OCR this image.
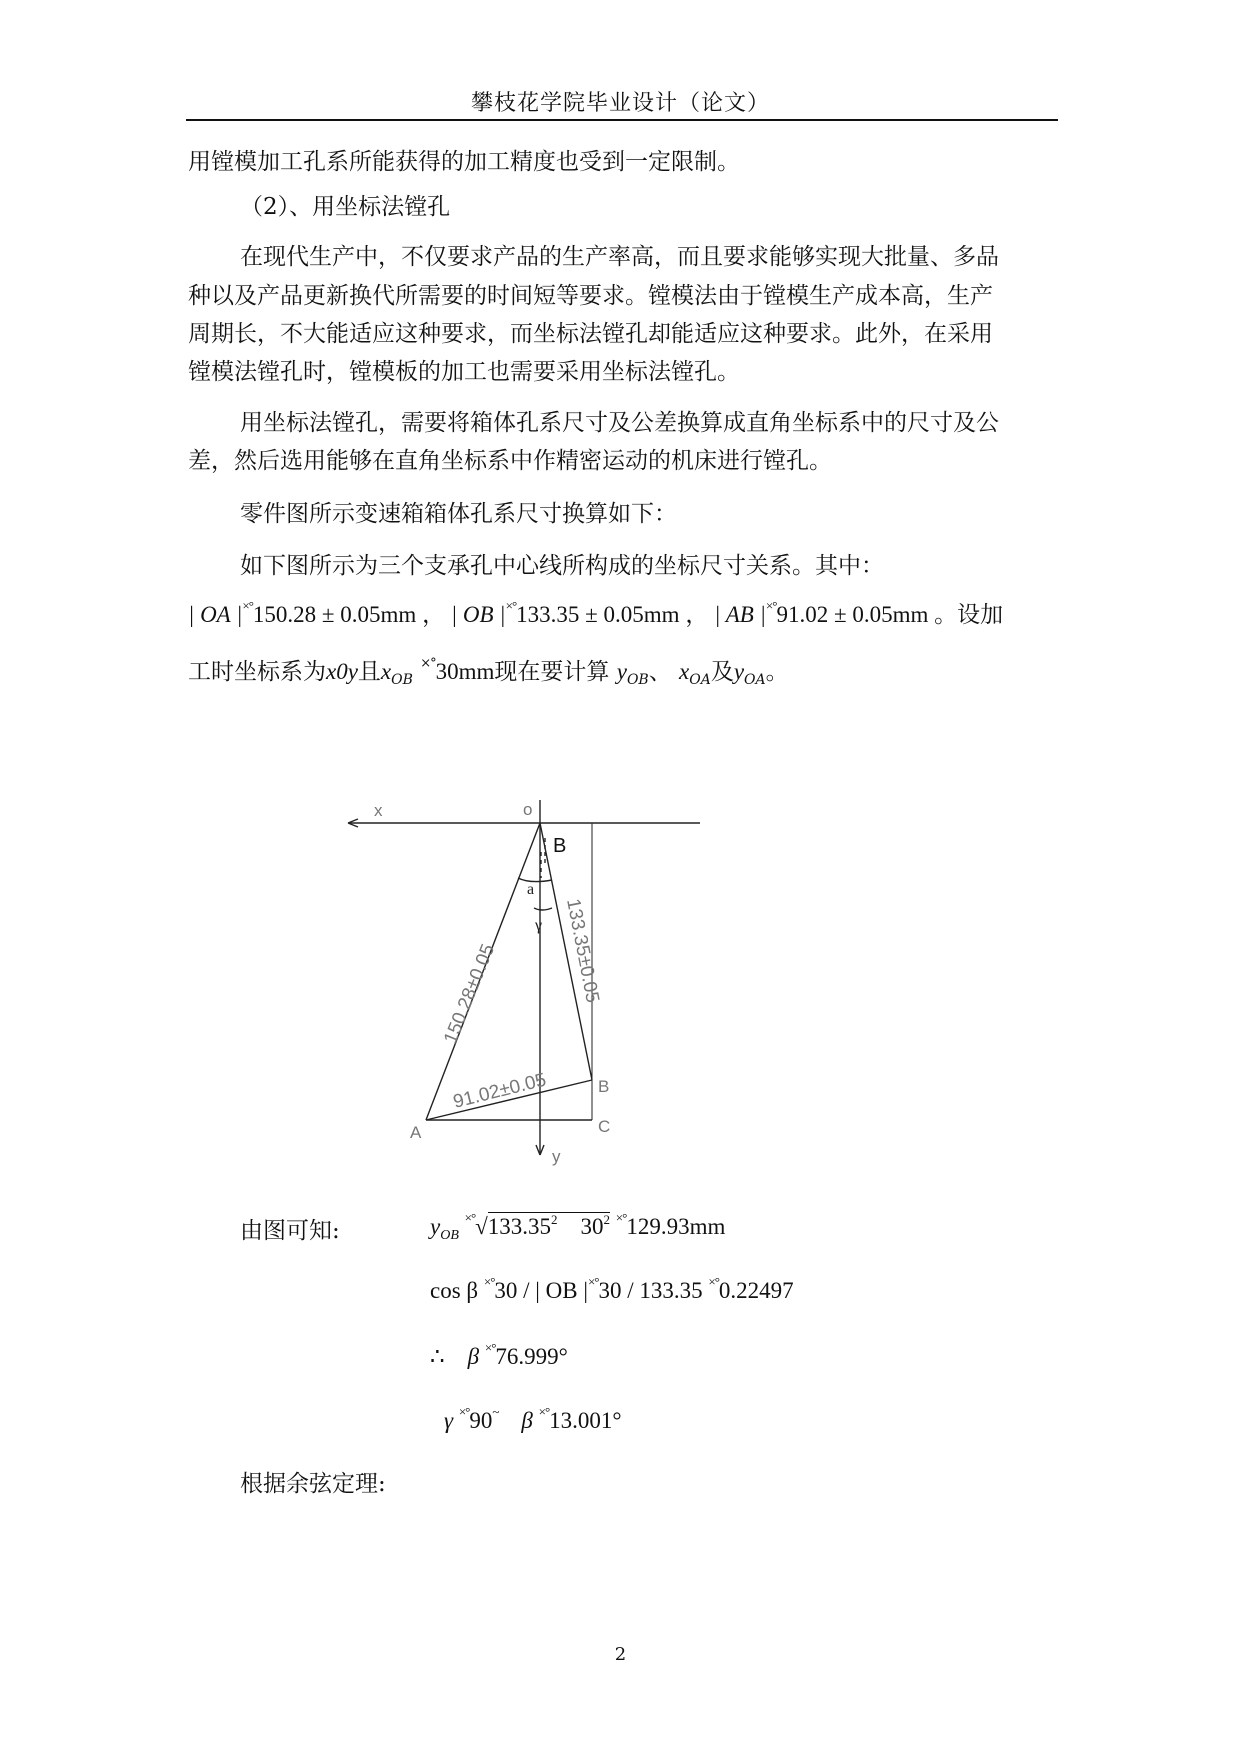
攀枝花学院毕业设计（论文）
用镗模加工孔系所能获得的加工精度也受到一定限制。
（2）、用坐标法镗孔
在现代生产中，不仅要求产品的生产率高，而且要求能够实现大批量、多品
种以及产品更新换代所需要的时间短等要求。镗模法由于镗模生产成本高，生产
周期长，不大能适应这种要求，而坐标法镗孔却能适应这种要求。此外，在采用
镗模法镗孔时，镗模板的加工也需要采用坐标法镗孔。
用坐标法镗孔，需要将箱体孔系尺寸及公差换算成直角坐标系中的尺寸及公
差，然后选用能够在直角坐标系中作精密运动的机床进行镗孔。
零件图所示变速箱箱体孔系尺寸换算如下：
如下图所示为三个支承孔中心线所构成的坐标尺寸关系。其中：
| OA |×°150.28 ± 0.05mm ， | OB |×°133.35 ± 0.05mm ， | AB |×°91.02 ± 0.05mm 。设加
工时坐标系为x0y且$x_{OB}$ ×°30mm现在要计算 $y_{OB}$、 $x_{OA}$及$y_{OA}$。
x	o
y
A
B
C
B
a
γ
150.28±0.05	133.35±0.05
91.02±0.05
由图可知:	$y_{OB}$ ×°√133.35$^2$ $30^2$ ×°129.93mm
cos β ×°30 / | OB |×°30 / 133.35 ×°0.22497
∴ β ×°76.999°
γ ×°90~ β ×°13.001°
根据余弦定理:
2
